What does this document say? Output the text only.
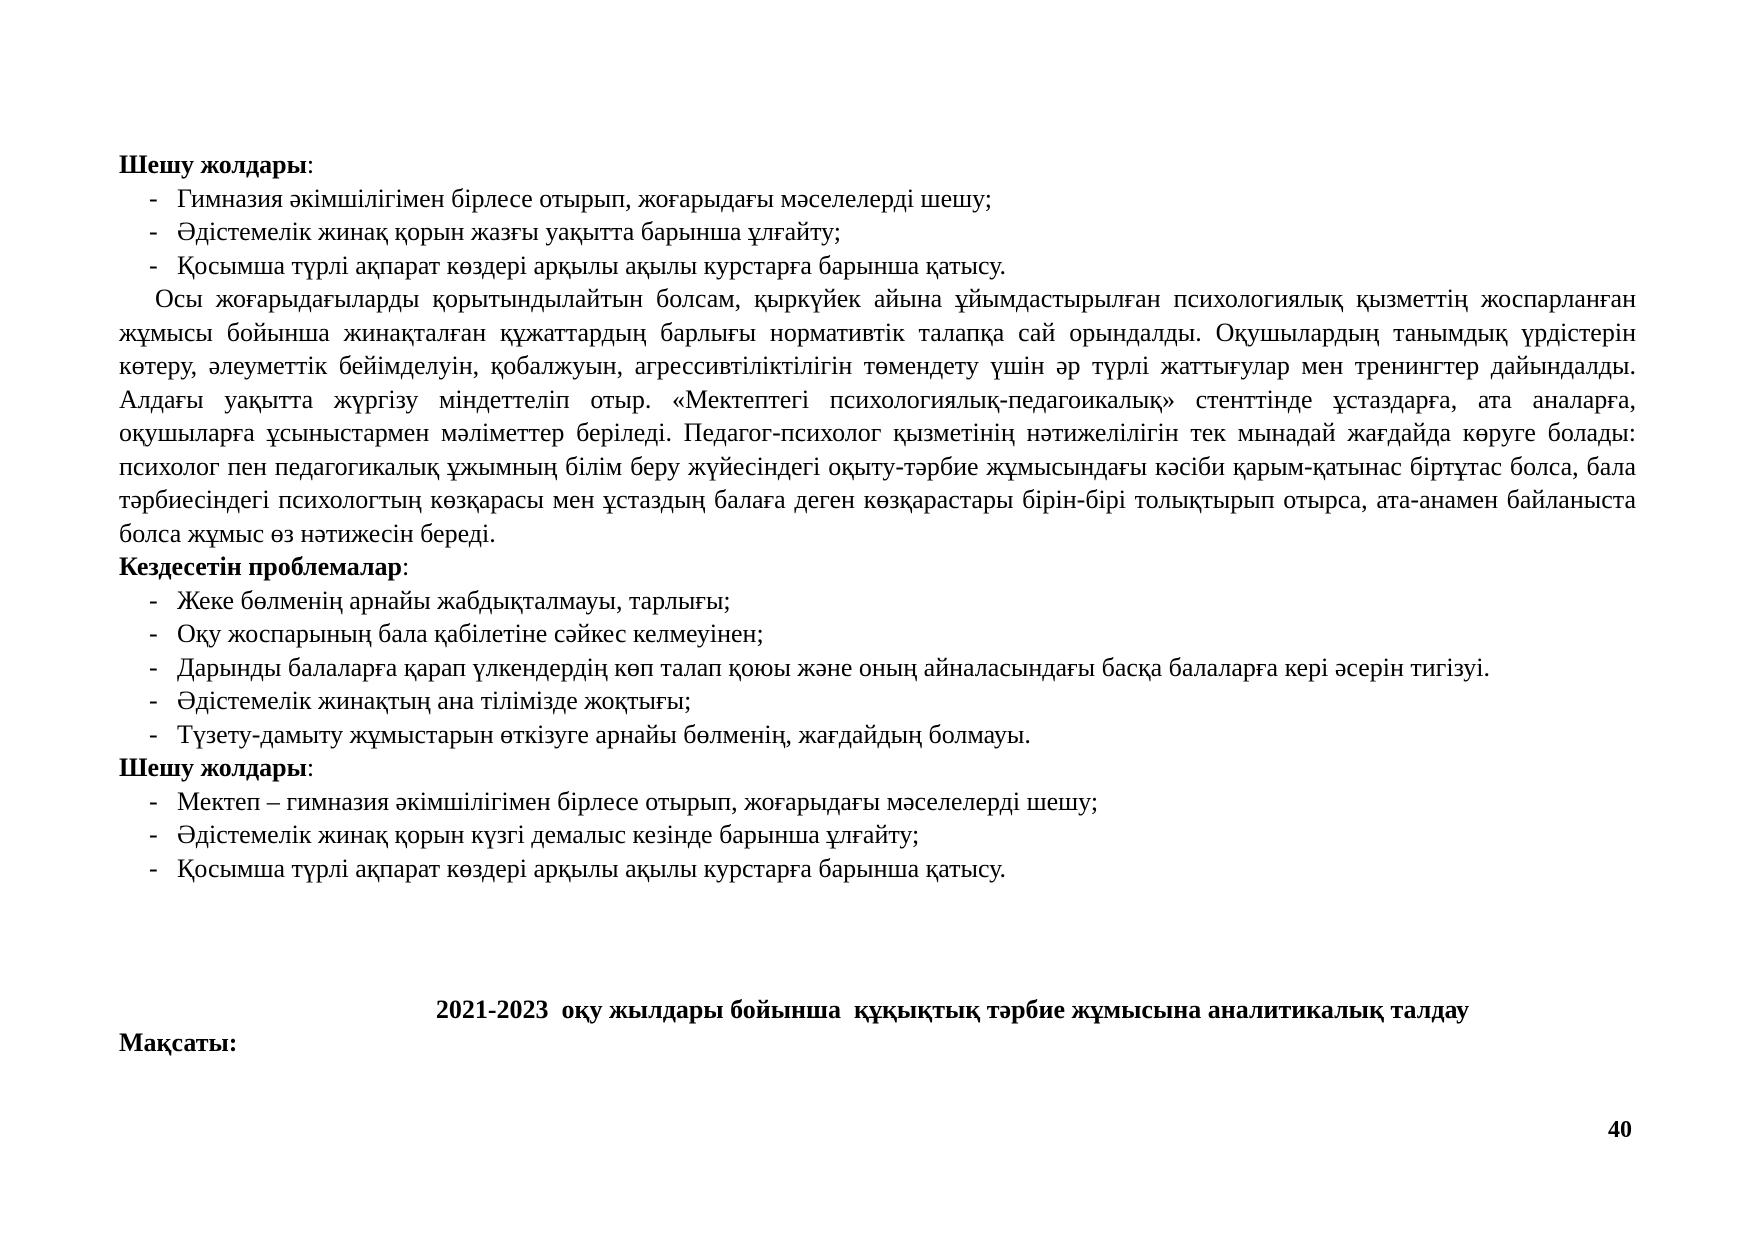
Шешу жолдары:
- Гимназия әкімшілігімен бірлесе отырып, жоғарыдағы мәселелерді шешу;
- Әдістемелік жинақ қорын жазғы уақытта барынша ұлғайту;
- Қосымша түрлі ақпарат көздері арқылы ақылы курстарға барынша қатысу.

Осы жоғарыдағыларды қорытындылайтын болсам, қыркүйек айына ұйымдастырылған психологиялық қызметтің жоспарланған жұмысы бойынша жинақталған құжаттардың барлығы нормативтік талапқа сай орындалды. Оқушылардың танымдық үрдістерін көтеру, әлеуметтік бейімделуін, қобалжуын, агрессивтіліктілігін төмендету үшін әр түрлі жаттығулар мен тренингтер дайындалды. Алдағы уақытта жүргізу міндеттеліп отыр. «Мектептегі психологиялық-педагоикалық» стенттінде ұстаздарға, ата аналарға, оқушыларға ұсыныстармен мәліметтер беріледі. Педагог-психолог қызметінің нәтижелілігін тек мынадай жағдайда көруге болады: психолог пен педагогикалық ұжымның білім беру жүйесіндегі оқыту-тәрбие жұмысындағы кәсіби қарым-қатынас біртұтас болса, бала тәрбиесіндегі психологтың көзқарасы мен ұстаздың балаға деген көзқарастары бірін-бірі толықтырып отырса, ата-анамен байланыста болса жұмыс өз нәтижесін береді.

Кездесетін проблемалар:
- Жеке бөлменің арнайы жабдықталмауы, тарлығы;
- Оқу жоспарының бала қабілетіне сәйкес келмеуінен;
- Дарынды балаларға қарап үлкендердің көп талап қоюы және оның айналасындағы басқа балаларға кері әсерін тигізуі.
- Әдістемелік жинақтың ана тілімізде жоқтығы;
- Түзету-дамыту жұмыстарын өткізуге арнайы бөлменің, жағдайдың болмауы.
Шешу жолдары:
- Мектеп – гимназия әкімшілігімен бірлесе отырып, жоғарыдағы мәселелерді шешу;
- Әдістемелік жинақ қорын күзгі демалыс кезінде барынша ұлғайту;
- Қосымша түрлі ақпарат көздері арқылы ақылы курстарға барынша қатысу.
2021-2023  оқу жылдары бойынша  құқықтық тәрбие жұмысына аналитикалық талдау
Мақсаты:
40
